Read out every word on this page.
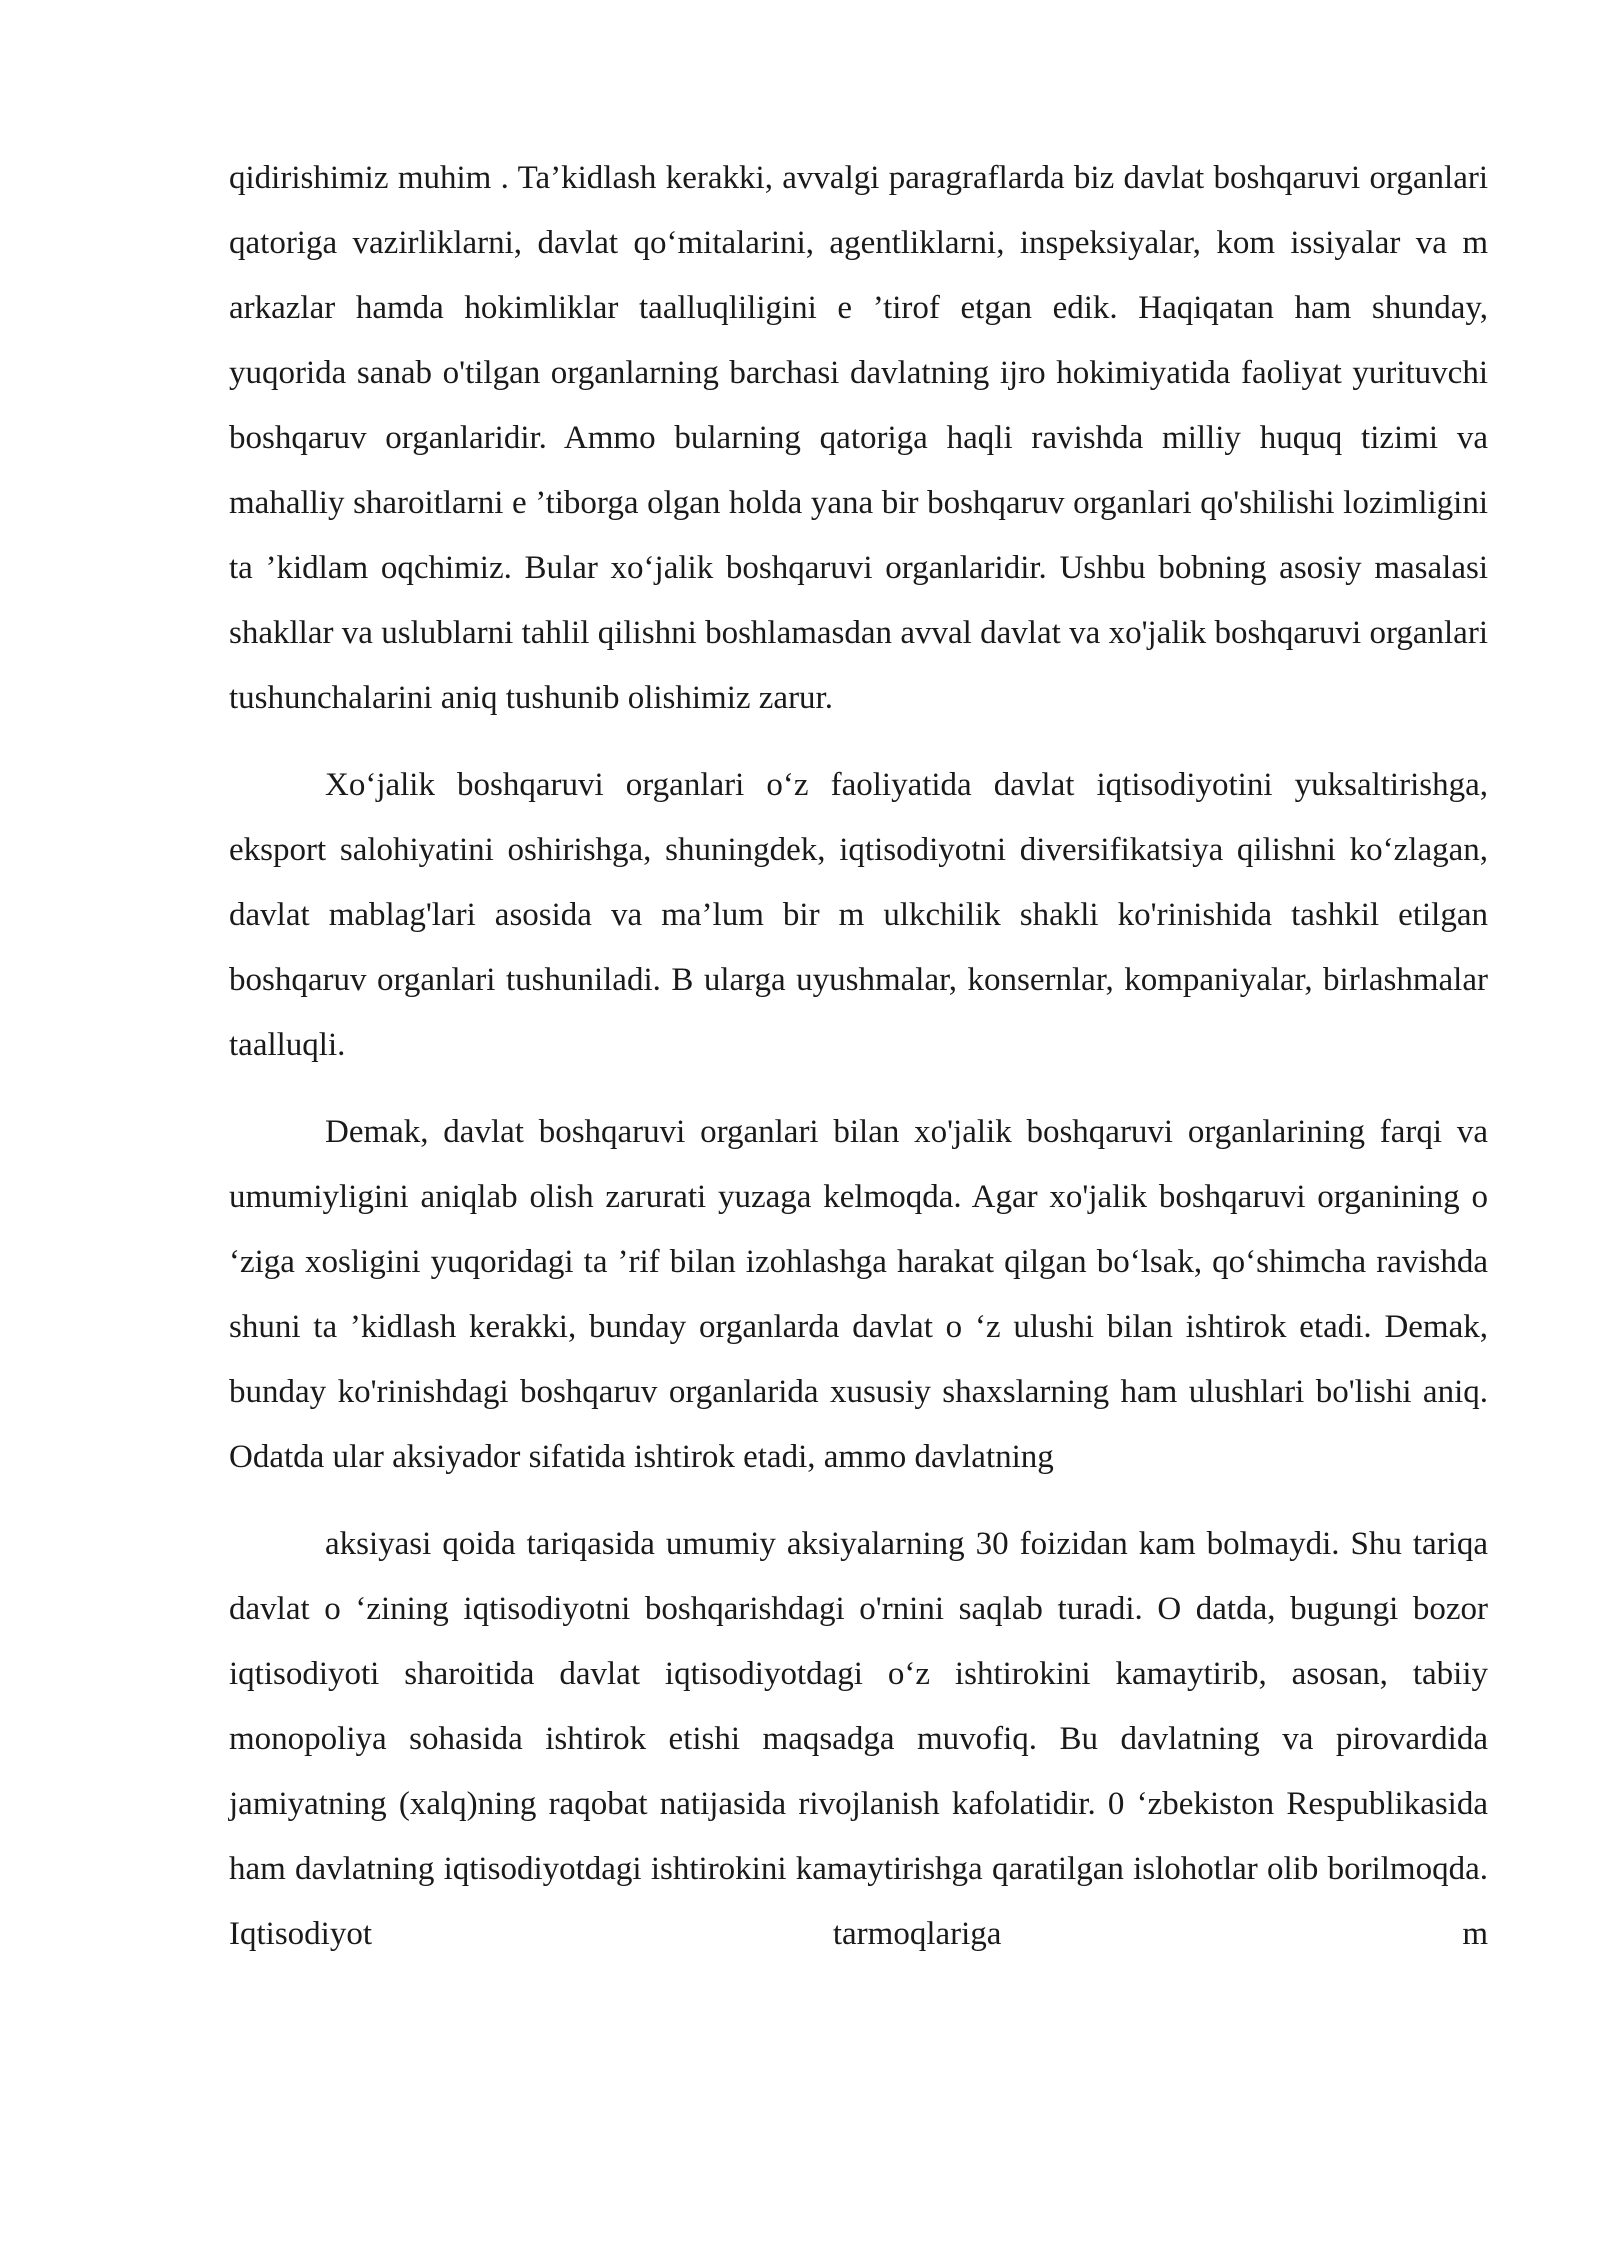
qidirishimiz muhim . Ta’kidlash kerakki, avvalgi paragraflarda biz davlat boshqaruvi organlari qatoriga vazirliklarni, davlat qo‘mitalarini, agentliklarni, inspeksiyalar, kom issiyalar va m arkazlar hamda hokimliklar taalluqliligini e ’tirof etgan edik. Haqiqatan ham shunday, yuqorida sanab o'tilgan organlarning barchasi davlatning ijro hokimiyatida faoliyat yurituvchi boshqaruv organlaridir. Ammo bularning qatoriga haqli ravishda milliy huquq tizimi va mahalliy sharoitlarni e ’tiborga olgan holda yana bir boshqaruv organlari qo'shilishi lozimligini ta ’kidlam oqchimiz. Bular xo‘jalik boshqaruvi organlaridir. Ushbu bobning asosiy masalasi shakllar va uslublarni tahlil qilishni boshlamasdan avval davlat va xo'jalik boshqaruvi organlari tushunchalarini aniq tushunib olishimiz zarur.

Xo‘jalik boshqaruvi organlari o‘z faoliyatida davlat iqtisodiyotini yuksaltirishga, eksport salohiyatini oshirishga, shuningdek, iqtisodiyotni diversifikatsiya qilishni ko‘zlagan, davlat mablag'lari asosida va ma’lum bir m ulkchilik shakli ko'rinishida tashkil etilgan boshqaruv organlari tushuniladi. B ularga uyushmalar, konsernlar, kompaniyalar, birlashmalar taalluqli.

Demak, davlat boshqaruvi organlari bilan xo'jalik boshqaruvi organlarining farqi va umumiyligini aniqlab olish zarurati yuzaga kelmoqda. Agar xo'jalik boshqaruvi organining o ‘ziga xosligini yuqoridagi ta ’rif bilan izohlashga harakat qilgan bo‘lsak, qo‘shimcha ravishda shuni ta ’kidlash kerakki, bunday organlarda davlat o ‘z ulushi bilan ishtirok etadi. Demak, bunday ko'rinishdagi boshqaruv organlarida xususiy shaxslarning ham ulushlari bo'lishi aniq. Odatda ular aksiyador sifatida ishtirok etadi, ammo davlatning

aksiyasi qoida tariqasida umumiy aksiyalarning 30 foizidan kam bolmaydi. Shu tariqa davlat o ‘zining iqtisodiyotni boshqarishdagi o'rnini saqlab turadi. O datda, bugungi bozor iqtisodiyoti sharoitida davlat iqtisodiyotdagi o‘z ishtirokini kamaytirib, asosan, tabiiy monopoliya sohasida ishtirok etishi maqsadga muvofiq. Bu davlatning va pirovardida jamiyatning (xalq)ning raqobat natijasida rivojlanish kafolatidir. 0 ‘zbekiston Respublikasida ham davlatning iqtisodiyotdagi ishtirokini kamaytirishga qaratilgan islohotlar olib borilmoqda. Iqtisodiyot tarmoqlariga m
